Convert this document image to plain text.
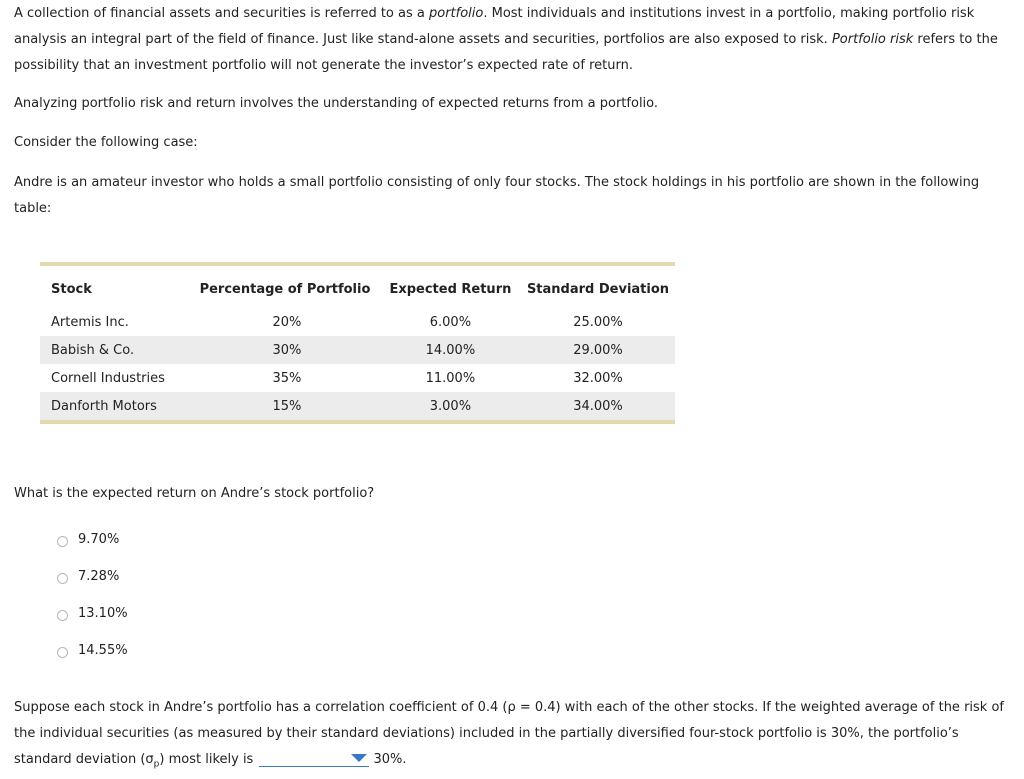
A collection of financial assets and securities is referred to as a portfolio. Most individuals and institutions invest in a portfolio, making portfolio risk analysis an integral part of the field of finance. Just like stand-alone assets and securities, portfolios are also exposed to risk. Portfolio risk refers to the possibility that an investment portfolio will not generate the investor’s expected rate of return.

Analyzing portfolio risk and return involves the understanding of expected returns from a portfolio.

Consider the following case:

Andre is an amateur investor who holds a small portfolio consisting of only four stocks. The stock holdings in his portfolio are shown in the following table:

Stock	Percentage of Portfolio	Expected Return	Standard Deviation
Artemis Inc.	20%	6.00%	25.00%
Babish & Co.	30%	14.00%	29.00%
Cornell Industries	35%	11.00%	32.00%
Danforth Motors	15%	3.00%	34.00%

What is the expected return on Andre’s stock portfolio?

9.70%
7.28%
13.10%
14.55%

Suppose each stock in Andre’s portfolio has a correlation coefficient of 0.4 (ρ = 0.4) with each of the other stocks. If the weighted average of the risk of the individual securities (as measured by their standard deviations) included in the partially diversified four-stock portfolio is 30%, the portfolio’s standard deviation $(\sigma_p)$ most likely is	30%.
